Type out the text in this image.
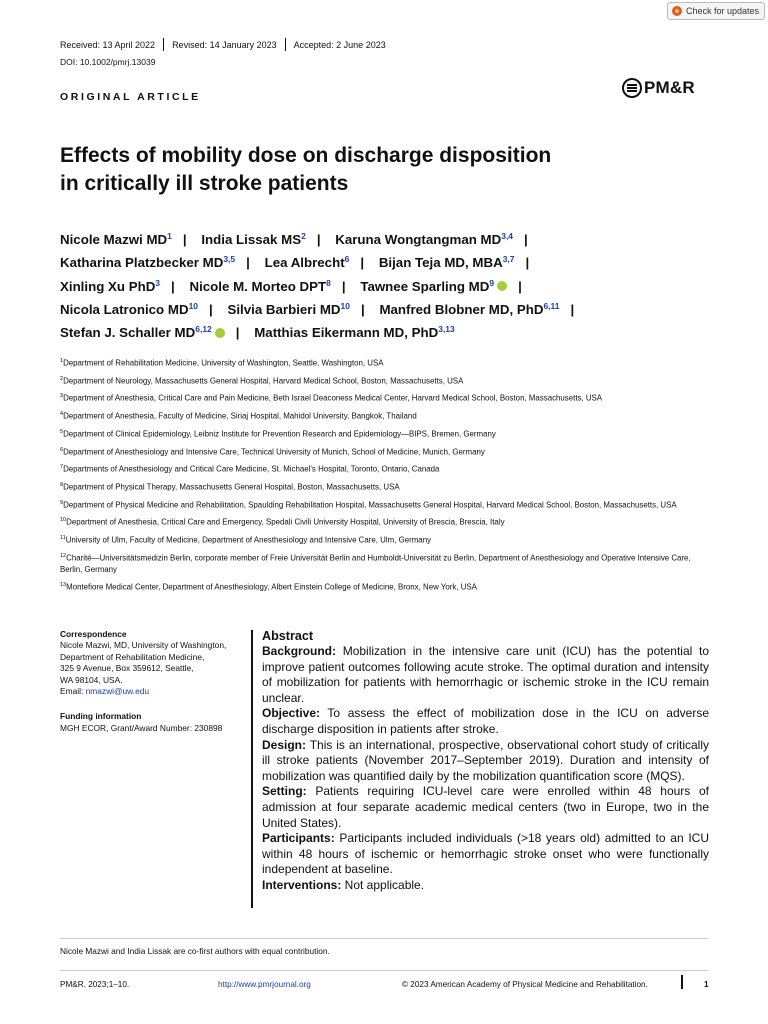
Check for updates
Received: 13 April 2022 Revised: 14 January 2023 Accepted: 2 June 2023
DOI: 10.1002/pmrj.13039
ORIGINAL ARTICLE	PM&R
Effects of mobility dose on discharge disposition
in critically ill stroke patients
Nicole Mazwi $MD^1$ | India Lissak $MS^2$ | Karuna Wongtangman MD$^{3,4}$ |
Katharina Platzbecker MD$^{3,5}$ | Lea Albrecht$^6$ | Bijan Teja MD, MBA$^{3,7}$ |
Xinling Xu PhD$^3$ | Nicole M. Morteo DPT$^8$ | Tawnee Sparling $MD^9$ |
Nicola Latronico MD$^{10}$ | Silvia Barbieri MD$^{10}$ | Manfred Blobner MD, PhD$^{6,11}$ |
Stefan J. Schaller MD$^{6,12}$ | Matthias Eikermann MD, PhD$^{3,13}$

$^1$Department of Rehabilitation Medicine, University of Washington, Seattle, Washington, USA

$^2$Department of Neurology, Massachusetts General Hospital, Harvard Medical School, Boston, Massachusetts, USA

$^3$Department of Anesthesia, Critical Care and Pain Medicine, Beth Israel Deaconess Medical Center, Harvard Medical School, Boston, Massachusetts, USA

$^4$Department of Anesthesia, Faculty of Medicine, Siriaj Hospital, Mahidol University, Bangkok, Thailand

$^5$Department of Clinical Epidemiology, Leibniz Institute for Prevention Research and Epidemiology—BIPS, Bremen, Germany

$^6$Department of Anesthesiology and Intensive Care, Technical University of Munich, School of Medicine, Munich, Germany

$^7$Departments of Anesthesiology and Critical Care Medicine, St. Michael's Hospital, Toronto, Ontario, Canada

$^8$Department of Physical Therapy, Massachusetts General Hospital, Boston, Massachusetts, USA

$^9$Department of Physical Medicine and Rehabilitation, Spaulding Rehabilitation Hospital, Massachusetts General Hospital, Harvard Medical School, Boston, Massachusetts, USA

$^{10}$Department of Anesthesia, Critical Care and Emergency, Spedali Civili University Hospital, University of Brescia, Brescia, Italy

$^{11}$University of Ulm, Faculty of Medicine, Department of Anesthesiology and Intensive Care, Ulm, Germany

$^{12}$Charité—Universitätsmedizin Berlin, corporate member of Freie Universität Berlin and Humboldt-Universität zu Berlin, Department of Anesthesiology and Operative Intensive Care, Berlin, Germany

$^{13}$Montefiore Medical Center, Department of Anesthesiology, Albert Einstein College of Medicine, Bronx, New York, USA

Correspondence

Nicole Mazwi, MD, University of Washington,

Department of Rehabilitation Medicine,

325 9 Avenue, Box 359612, Seattle,

WA 98104, USA.

Email: nmazwi@uw.edu

Funding information

MGH ECOR, Grant/Award Number: 230898

Abstract

Background: Mobilization in the intensive care unit (ICU) has the potential to improve patient outcomes following acute stroke. The optimal duration and intensity of mobilization for patients with hemorrhagic or ischemic stroke in the ICU remain unclear.

Objective: To assess the effect of mobilization dose in the ICU on adverse discharge disposition in patients after stroke.

Design: This is an international, prospective, observational cohort study of critically ill stroke patients (November 2017–September 2019). Duration and intensity of mobilization was quantified daily by the mobilization quantification score (MQS).

Setting: Patients requiring ICU-level care were enrolled within 48 hours of admission at four separate academic medical centers (two in Europe, two in the United States).

Participants: Participants included individuals (>18 years old) admitted to an ICU within 48 hours of ischemic or hemorrhagic stroke onset who were functionally independent at baseline.

Interventions: Not applicable.

Nicole Mazwi and India Lissak are co-first authors with equal contribution.
PM&R. 2023;1–10.	http://www.pmrjournal.org	© 2023 American Academy of Physical Medicine and Rehabilitation.	1
